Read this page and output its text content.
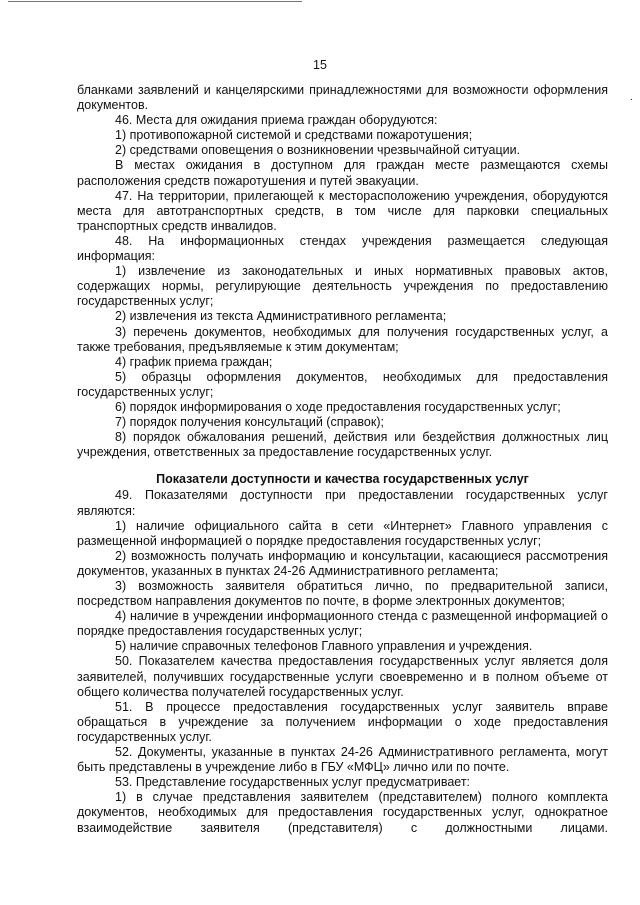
15
.

бланками заявлений и канцелярскими принадлежностями для возможности оформления документов.

46. Места для ожидания приема граждан оборудуются:

1) противопожарной системой и средствами пожаротушения;

2) средствами оповещения о возникновении чрезвычайной ситуации.

В местах ожидания в доступном для граждан месте размещаются схемы расположения средств пожаротушения и путей эвакуации.

47. На территории, прилегающей к месторасположению учреждения, оборудуются места для автотранспортных средств, в том числе для парковки специальных транспортных средств инвалидов.

48. На информационных стендах учреждения размещается следующая информация:

1) извлечение из законодательных и иных нормативных правовых актов, содержащих нормы, регулирующие деятельность учреждения по предоставлению государственных услуг;

2) извлечения из текста Административного регламента;

3) перечень документов, необходимых для получения государственных услуг, а также требования, предъявляемые к этим документам;

4) график приема граждан;

5) образцы оформления документов, необходимых для предоставления государственных услуг;

6) порядок информирования о ходе предоставления государственных услуг;

7) порядок получения консультаций (справок);

8) порядок обжалования решений, действия или бездействия должностных лиц учреждения, ответственных за предоставление государственных услуг.

Показатели доступности и качества государственных услуг

49. Показателями доступности при предоставлении государственных услуг являются:

1) наличие официального сайта в сети «Интернет» Главного управления с размещенной информацией о порядке предоставления государственных услуг;

2) возможность получать информацию и консультации, касающиеся рассмотрения документов, указанных в пунктах 24-26 Административного регламента;

3) возможность заявителя обратиться лично, по предварительной записи, посредством направления документов по почте, в форме электронных документов;

4) наличие в учреждении информационного стенда с размещенной информацией о порядке предоставления государственных услуг;

5) наличие справочных телефонов Главного управления и учреждения.

50. Показателем качества предоставления государственных услуг является доля заявителей, получивших государственные услуги своевременно и в полном объеме от общего количества получателей государственных услуг.

51. В процессе предоставления государственных услуг заявитель вправе обращаться в учреждение за получением информации о ходе предоставления государственных услуг.

52. Документы, указанные в пунктах 24-26 Административного регламента, могут быть представлены в учреждение либо в ГБУ «МФЦ» лично или по почте.

53. Представление государственных услуг предусматривает:

1) в случае представления заявителем (представителем) полного комплекта документов, необходимых для предоставления государственных услуг, однократное взаимодействие заявителя (представителя) с должностными лицами.
